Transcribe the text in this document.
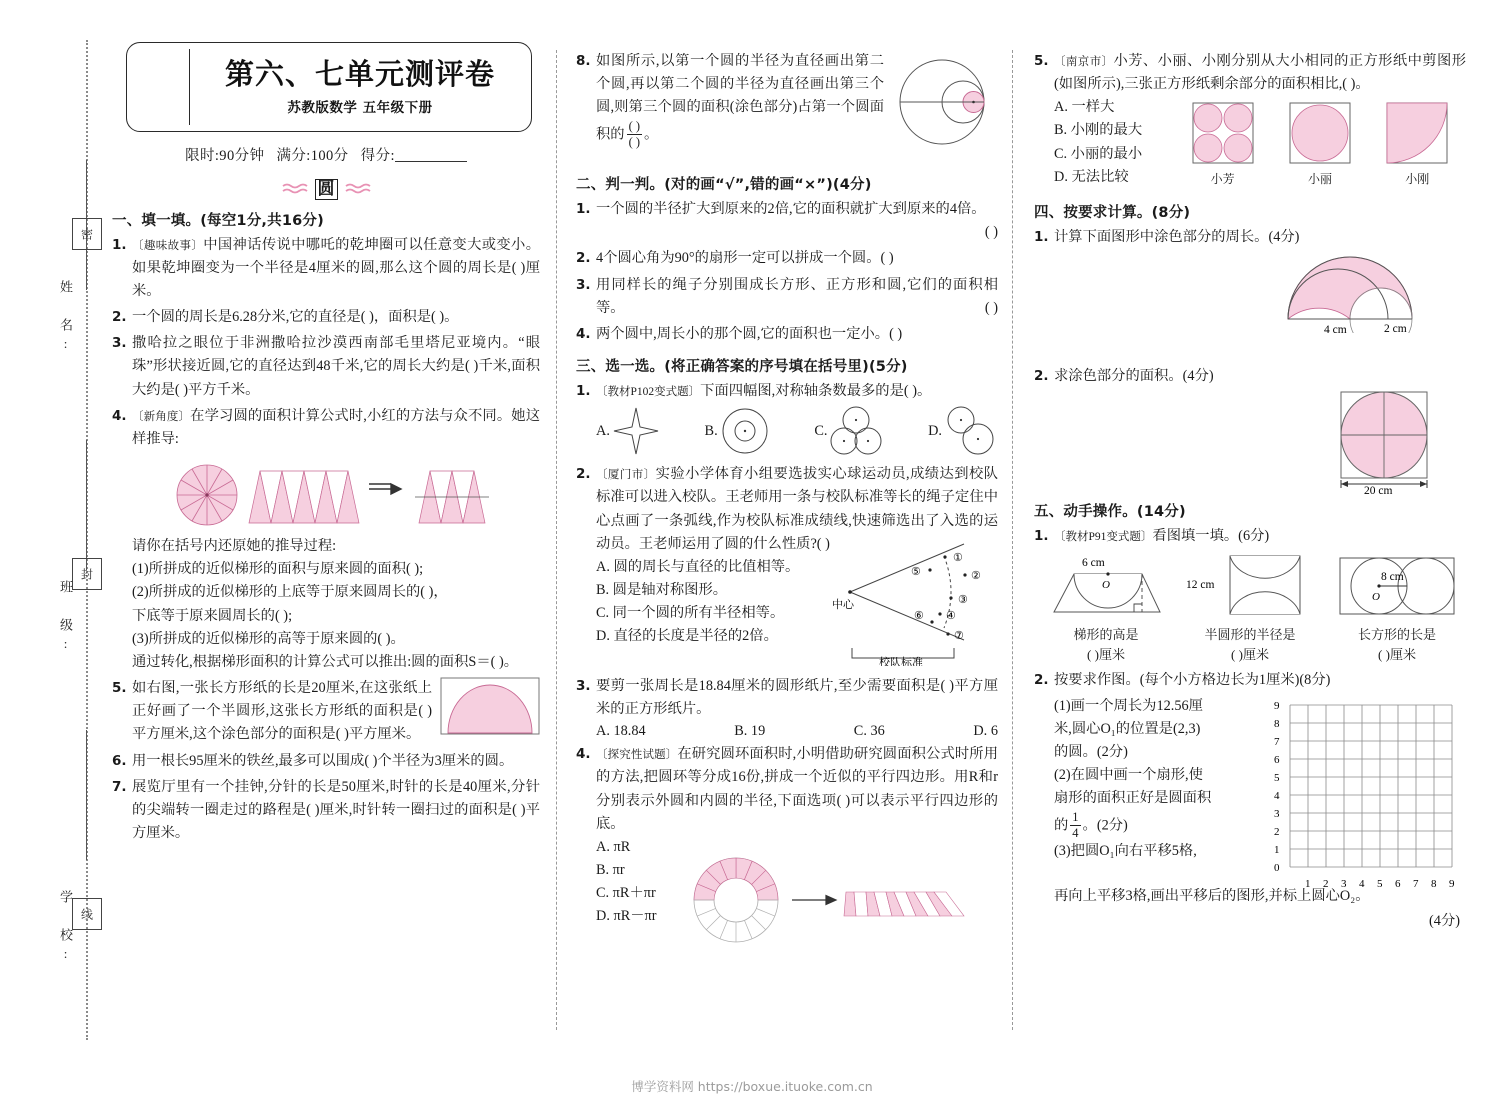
密
封
线
姓 名:
班 级:
学 校:
第六、七单元测评卷
苏教版数学 五年级下册
限时:90分钟 满分:100分 得分:
圆
一、填一填。(每空1分,共16分)
1. 〔趣味故事〕中国神话传说中哪吒的乾坤圈可以任意变大或变小。如果乾坤圈变为一个半径是4厘米的圆,那么这个圆的周长是( )厘米。
2. 一个圆的周长是6.28分米,它的直径是( )，面积是( )。
3. 撒哈拉之眼位于非洲撒哈拉沙漠西南部毛里塔尼亚境内。“眼珠”形状接近圆,它的直径达到48千米,它的周长大约是( )千米,面积大约是( )平方千米。
4. 〔新角度〕在学习圆的面积计算公式时,小红的方法与众不同。她这样推导:
请你在括号内还原她的推导过程:
(1)所拼成的近似梯形的面积与原来圆的面积( );
(2)所拼成的近似梯形的上底等于原来圆周长的( )，
下底等于原来圆周长的( );
(3)所拼成的近似梯形的高等于原来圆的( )。
通过转化,根据梯形面积的计算公式可以推出:圆的面积S＝( )。
5. 如右图,一张长方形纸的长是20厘米,在这张纸上正好画了一个半圆形,这张长方形纸的面积是( )平方厘米,这个涂色部分的面积是( )平方厘米。
6. 用一根长95厘米的铁丝,最多可以围成( )个半径为3厘米的圆。
7. 展览厅里有一个挂钟,分针的长是50厘米,时针的长是40厘米,分针的尖端转一圈走过的路程是( )厘米,时针转一圈扫过的面积是( )平方厘米。
8. 如图所示,以第一个圆的半径为直径画出第二个圆,再以第二个圆的半径为直径画出第三个圆,则第三个圆的面积(涂色部分)占第一个圆面积的 $\frac{( )}{( )}$ 。
二、判一判。(对的画“√”,错的画“×”)(4分)
1. 一个圆的半径扩大到原来的2倍,它的面积就扩大到原来的4倍。
( )
2. 4个圆心角为90°的扇形一定可以拼成一个圆。( )
3. 用同样长的绳子分别围成长方形、正方形和圆,它们的面积相等。	( )
4. 两个圆中,周长小的那个圆,它的面积也一定小。( )
三、选一选。(将正确答案的序号填在括号里)(5分)
1. 〔教材P102变式题〕下面四幅图,对称轴条数最多的是( )。
A.	B.	C.	D.
2. 〔厦门市〕实验小学体育小组要选拔实心球运动员,成绩达到校队标准可以进入校队。王老师用一条与校队标准等长的绳子定住中心点画了一条弧线,作为校队标准成绩线,快速筛选出了入选的运动员。王老师运用了圆的什么性质?( )
A. 圆的周长与直径的比值相等。
B. 圆是轴对称图形。
C. 同一个圆的所有半径相等。
D. 直径的长度是半径的2倍。
中心
①
②
③
④
⑤
⑥
⑦
校队标准
3. 要剪一张周长是18.84厘米的圆形纸片,至少需要面积是( )平方厘米的正方形纸片。
A. 18.84	B. 19	C. 36	D. 6
4. 〔探究性试题〕在研究圆环面积时,小明借助研究圆面积公式时所用的方法,把圆环等分成16份,拼成一个近似的平行四边形。用R和r分别表示外圆和内圆的半径,下面选项( )可以表示平行四边形的底。
A. πR
B. πr
C. πR＋πr
D. πR－πr
5. 〔南京市〕小芳、小丽、小刚分别从大小相同的正方形纸中剪图形(如图所示),三张正方形纸剩余部分的面积相比,( )。
A. 一样大
B. 小刚的最大
C. 小丽的最小
D. 无法比较	小芳	小丽	小刚
四、按要求计算。(8分)
1. 计算下面图形中涂色部分的周长。(4分)
4 cm	2 cm
2. 求涂色部分的面积。(4分)
20 cm
五、动手操作。(14分)
1. 〔教材P91变式题〕看图填一填。(6分)
6 cm
O
梯形的高是
( )厘米
12 cm
半圆形的半径是
( )厘米
8 cm
O
长方形的长是
( )厘米
2. 按要求作图。(每个小方格边长为1厘米)(8分)
(1)画一个周长为12.56厘
米,圆心O₁的位置是(2,3)
的圆。(2分)
(2)在圆中画一个扇形,使
扇形的面积正好是圆面积
的 $\frac{1}{4}$ 。(2分)
(3)把圆O₁向右平移5格,
9
8
7
6
5
4
3
2
1
0
1 2 3 4 5 6 7 8 9
再向上平移3格,画出平移后的图形,并标上圆心O₂。
(4分)
博学资料网 https://boxue.ituoke.com.cn
